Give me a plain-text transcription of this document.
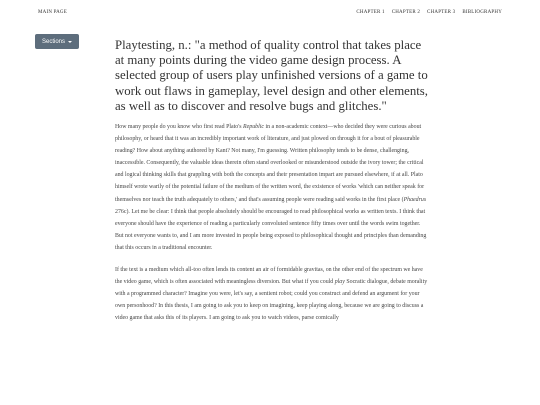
MAIN PAGE	CHAPTER 1 CHAPTER 2 CHAPTER 3 BIBLIOGRAPHY
Sections	Playtesting, n.: "a method of quality control that takes place at many points during the video game design process. A selected group of users play unfinished versions of a game to work out flaws in gameplay, level design and other elements, as well as to discover and resolve bugs and glitches."

How many people do you know who first read Plato's Republic in a non-academic context—who decided they were curious about philosophy, or heard that it was an incredibly important work of literature, and just plowed on through it for a bout of pleasurable reading? How about anything authored by Kant? Not many, I'm guessing. Written philosophy tends to be dense, challenging, inaccessible. Consequently, the valuable ideas therein often stand overlooked or misunderstood outside the ivory tower; the critical and logical thinking skills that grappling with both the concepts and their presentation impart are pursued elsewhere, if at all. Plato himself wrote warily of the potential failure of the medium of the written word, the existence of works 'which can neither speak for themselves nor teach the truth adequately to others,' and that's assuming people were reading said works in the first place (Phaedrus 276c). Let me be clear: I think that people absolutely should be encouraged to read philosophical works as written texts. I think that everyone should have the experience of reading a particularly convoluted sentence fifty times over until the words swim together. But not everyone wants to, and I am more invested in people being exposed to philosophical thought and principles than demanding that this occurs in a traditional encounter.

If the text is a medium which all-too often lends its content an air of formidable gravitas, on the other end of the spectrum we have the video game, which is often associated with meaningless diversion. But what if you could play Socratic dialogue, debate morality with a programmed character? Imagine you were, let's say, a sentient robot; could you construct and defend an argument for your own personhood? In this thesis, I am going to ask you to keep on imagining, keep playing along, because we are going to discuss a video game that asks this of its players. I am going to ask you to watch videos, parse comically
